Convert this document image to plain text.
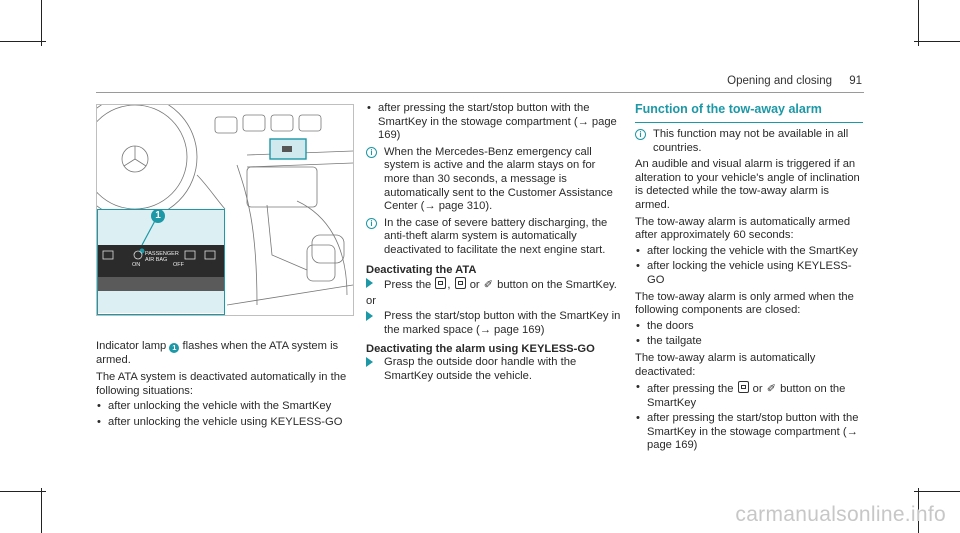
Opening and closing 91
1
PASSENGER
AIR BAG
ON	OFF

Indicator lamp 1 flashes when the ATA system is armed.

The ATA system is deactivated automatically in the following situations:

• after unlocking the vehicle with the SmartKey

• after unlocking the vehicle using KEYLESS-GO

• after pressing the start/stop button with the SmartKey in the stowage compartment (→ page 169)

i	When the Mercedes-Benz emergency call system is active and the alarm stays on for more than 30 seconds, a message is automatically sent to the Customer Assistance Center (→ page 310).
i	In the case of severe battery discharging, the anti-theft alarm system is automatically deactivated to facilitate the next engine start.

Deactivating the ATA

Press the , or ✐ button on the SmartKey.

or

Press the start/stop button with the SmartKey in the marked space (→ page 169)

Deactivating the alarm using KEYLESS-GO

Grasp the outside door handle with the SmartKey outside the vehicle.
Function of the tow-away alarm
i	This function may not be available in all countries.

An audible and visual alarm is triggered if an alteration to your vehicle's angle of inclination is detected while the tow-away alarm is armed.

The tow-away alarm is automatically armed after approximately 60 seconds:

• after locking the vehicle with the SmartKey

• after locking the vehicle using KEYLESS-GO

The tow-away alarm is only armed when the following components are closed:

• the doors

• the tailgate

The tow-away alarm is automatically deactivated:

• after pressing the or ✐ button on the SmartKey

• after pressing the start/stop button with the SmartKey in the stowage compartment (→ page 169)

carmanualsonline.info
